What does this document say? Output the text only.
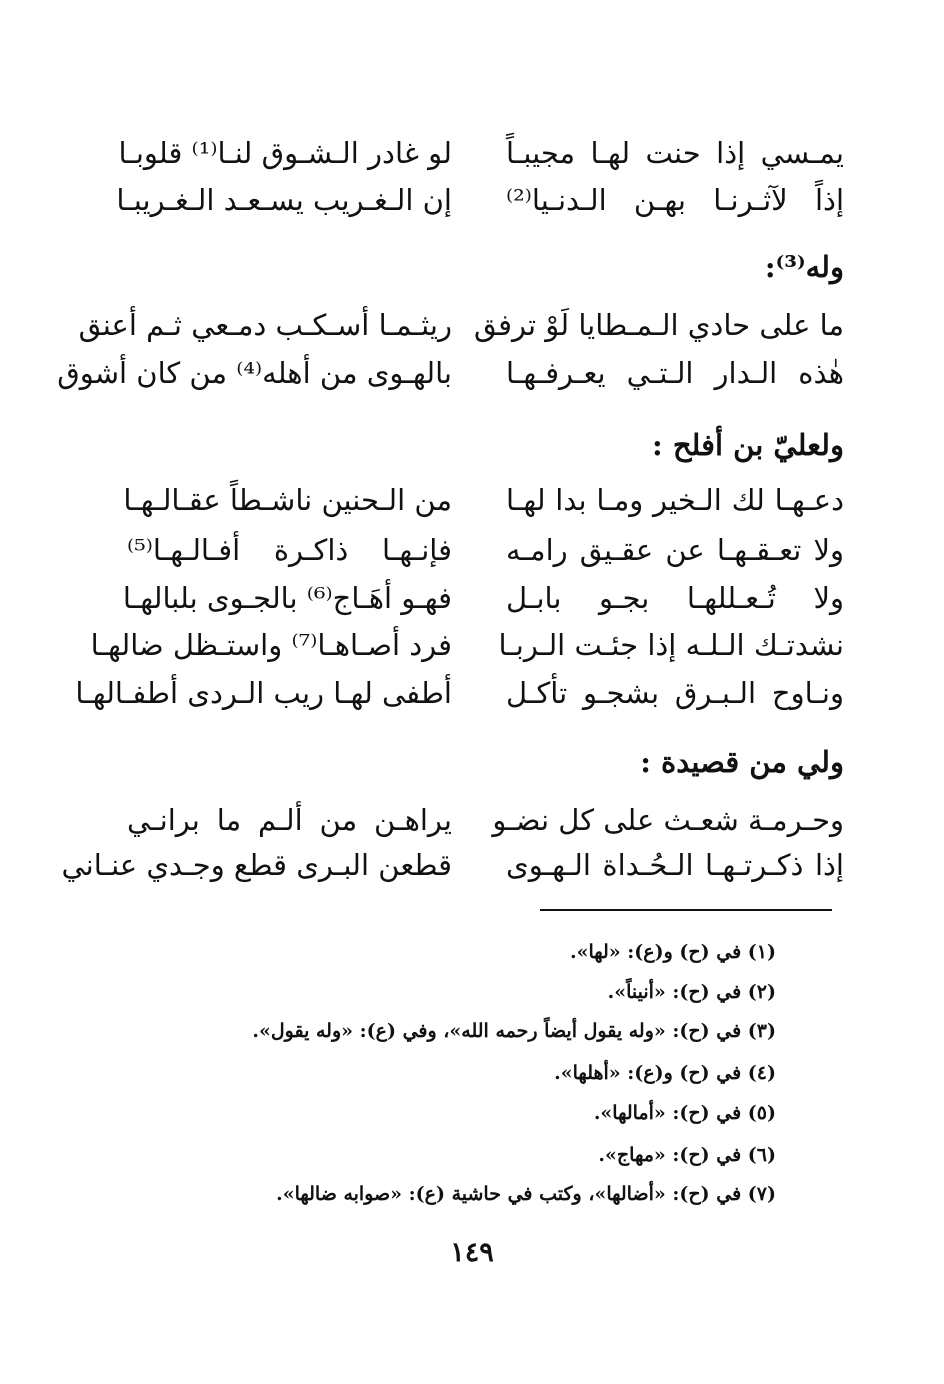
يمـسي إذا حنت لهـا مجيبـاً
لو غادر الـشـوق لنـا⁽¹⁾ قلوبـا
إذاً لآثـرنـا بهـن الـدنـيا⁽²⁾
إن الـغـريب يسـعـد الـغـريبـا
وله⁽³⁾:
ما على حادي الـمـطايا لَوْ ترفق
ريثـمـا أسـكـب دمـعي ثـم أعنق
هٰذه الـدار الـتـي يعـرفـهـا
بالهـوى من أهله⁽⁴⁾ من كان أشوق
ولعليّ بن أفلح :
دعـهـا لك الـخير ومـا بدا لهـا
من الـحنين ناشـطاً عقـالـهـا
ولا تعـقـهـا عن عقـيق رامـه
فإنـهـا ذاكـرة أفـالـهـا⁽⁵⁾
ولا تُـعـللهـا بجـو بابـل
فهـو أهَـاج⁽⁶⁾ بالجـوى بلبالهـا
نشدتـك الـلـه إذا جئـت الـربـا
فرد أصـاهـا⁽⁷⁾ واستـظل ضالهـا
ونـاوح الـبـرق بشجـو تأكـل
أطفى لهـا ريب الـردى أطفـالهـا
ولي من قصيدة :
وحـرمـة شعـث على كل نضـو
يراهـن من ألـم ما برانـي
إذا ذكـرتـهـا الـحُـداة الـهـوى
قطعن البـرى قطع وجـدي عنـاني
(١) في (ح) و(ع): «لها».
(٢) في (ح): «أنيناً».
(٣) في (ح): «وله يقول أيضاً رحمه الله»، وفي (ع): «وله يقول».
(٤) في (ح) و(ع): «أهلها».
(٥) في (ح): «أمالها».
(٦) في (ح): «مهاج».
(٧) في (ح): «أضالها»، وكتب في حاشية (ع): «صوابه ضالها».
١٤٩
